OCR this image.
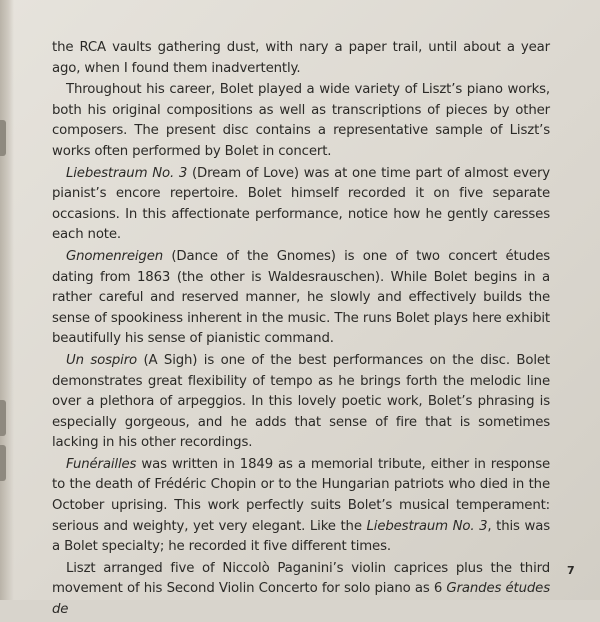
the RCA vaults gathering dust, with nary a paper trail, until about a year ago, when I found them inadvertently.

Throughout his career, Bolet played a wide variety of Liszt’s piano works, both his original compositions as well as transcriptions of pieces by other composers. The present disc contains a representative sample of Liszt’s works often performed by Bolet in concert.

Liebestraum No. 3 (Dream of Love) was at one time part of almost every pianist’s encore repertoire. Bolet himself recorded it on five separate occasions. In this affectionate performance, notice how he gently caresses each note.

Gnomenreigen (Dance of the Gnomes) is one of two concert études dating from 1863 (the other is Waldesrauschen). While Bolet begins in a rather careful and reserved manner, he slowly and effectively builds the sense of spookiness inherent in the music. The runs Bolet plays here exhibit beautifully his sense of pianistic command.

Un sospiro (A Sigh) is one of the best performances on the disc. Bolet demonstrates great flexibility of tempo as he brings forth the melodic line over a plethora of arpeggios. In this lovely poetic work, Bolet’s phrasing is especially gorgeous, and he adds that sense of fire that is sometimes lacking in his other recordings.

Funérailles was written in 1849 as a memorial tribute, either in response to the death of Frédéric Chopin or to the Hungarian patriots who died in the October uprising. This work perfectly suits Bolet’s musical temperament: serious and weighty, yet very elegant. Like the Liebestraum No. 3, this was a Bolet specialty; he recorded it five different times.

Liszt arranged five of Niccolò Paganini’s violin caprices plus the third movement of his Second Violin Concerto for solo piano as 6 Grandes études de

7
